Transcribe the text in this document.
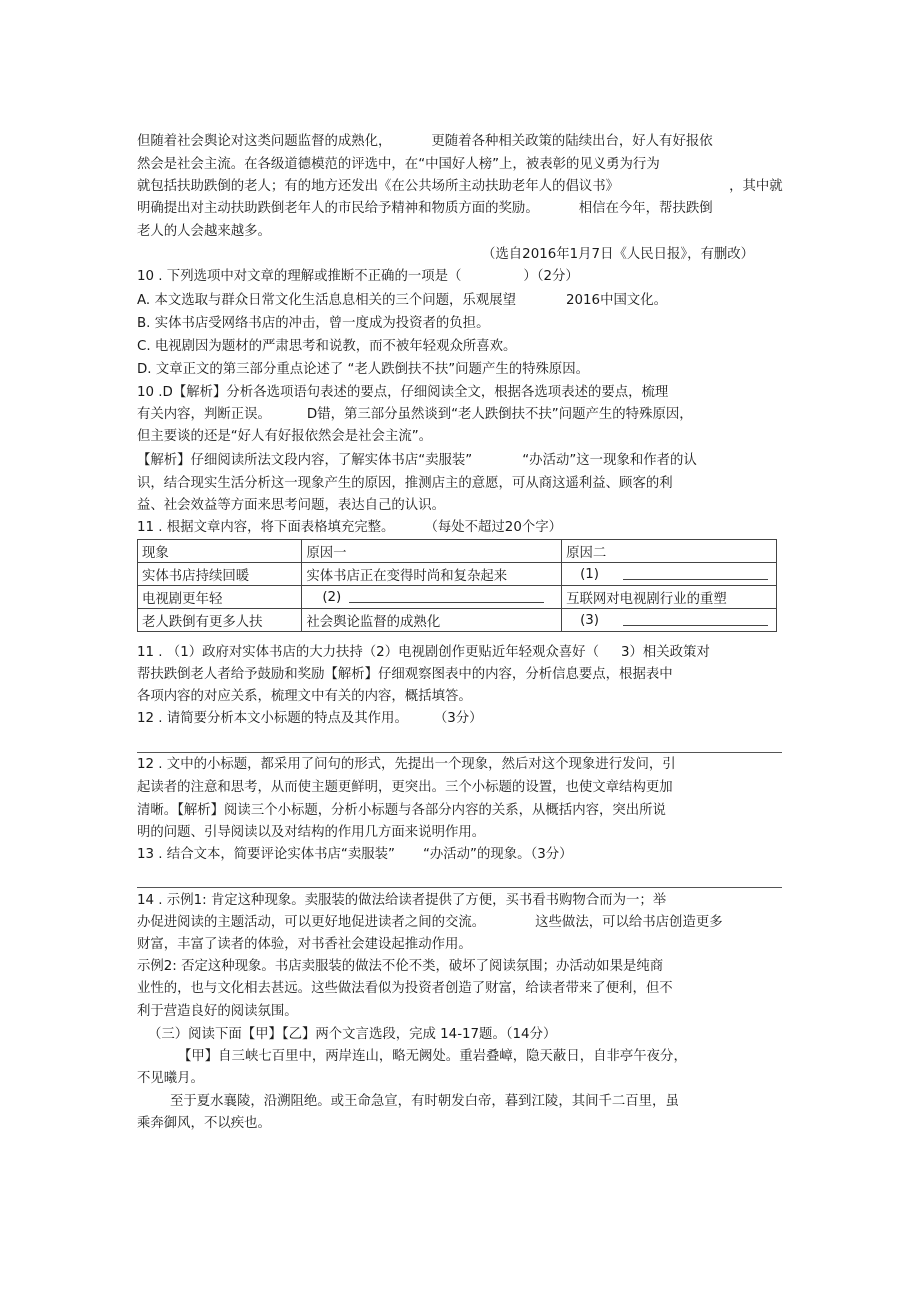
但随着社会舆论对这类问题监督的成熟化，	更随着各种相关政策的陆续出台，好人有好报依
然会是社会主流。在各级道德模范的评选中，在“中国好人榜”上，被表彰的见义勇为行为
就包括扶助跌倒的老人；有的地方还发出《在公共场所主动扶助老年人的倡议书》	，其中就
明确提出对主动扶助跌倒老年人的市民给予精神和物质方面的奖励。	相信在今年，帮扶跌倒
老人的人会越来越多。
（选自2016年1月7日《人民日报》，有删改）
10 . 下列选项中对文章的理解或推断不正确的一项是（	）（2分）
A. 本文选取与群众日常文化生活息息相关的三个问题，乐观展望	2016中国文化。
B. 实体书店受网络书店的冲击，曾一度成为投资者的负担。
C. 电视剧因为题材的严肃思考和说教，而不被年轻观众所喜欢。
D. 文章正文的第三部分重点论述了 “老人跌倒扶不扶”问题产生的特殊原因。
10 .D【解析】分析各选项语句表述的要点，仔细阅读全文，根据各选项表述的要点，梳理
有关内容，判断正误。	D错，第三部分虽然谈到“老人跌倒扶不扶”问题产生的特殊原因，
但主要谈的还是“好人有好报依然会是社会主流”。
【解析】仔细阅读所法文段内容，了解实体书店“卖服装”	“办活动”这一现象和作者的认
识，结合现实生活分析这一现象产生的原因，推测店主的意愿，可从商这遥利益、顾客的利
益、社会效益等方面来思考问题，表达自己的认识。
11 . 根据文章内容，将下面表格填充完整。 （每处不超过20个字）
现象	原因一	原因二
实体书店持续回暖	实体书店正在变得时尚和复杂起来	(1)
电视剧更年轻	(2)	互联网对电视剧行业的重塑
老人跌倒有更多人扶	社会舆论监督的成熟化	(3)
11 . （1）政府对实体书店的大力扶持（2）电视剧创作更贴近年轻观众喜好（ 3）相关政策对
帮扶跌倒老人者给予鼓励和奖励【解析】仔细观察图表中的内容，分析信息要点，根据表中
各项内容的对应关系，梳理文中有关的内容，概括填答。
12 . 请简要分析本文小标题的特点及其作用。 （3分）
12 . 文中的小标题，都采用了问句的形式，先提出一个现象，然后对这个现象进行发问，引
起读者的注意和思考，从而使主题更鲜明，更突出。三个小标题的设置，也使文章结构更加
清晰。【解析】阅读三个小标题，分析小标题与各部分内容的关系，从概括内容，突出所说
明的问题、引导阅读以及对结构的作用几方面来说明作用。
13 . 结合文本，简要评论实体书店“卖服装” “办活动”的现象。（3分）
14 . 示例1: 肯定这种现象。卖服装的做法给读者提供了方便，买书看书购物合而为一；举
办促进阅读的主题活动，可以更好地促进读者之间的交流。	这些做法，可以给书店创造更多
财富，丰富了读者的体验，对书香社会建设起推动作用。
示例2: 否定这种现象。书店卖服装的做法不伦不类，破坏了阅读氛围；办活动如果是纯商
业性的，也与文化相去甚远。这些做法看似为投资者创造了财富，给读者带来了便利，但不
利于营造良好的阅读氛围。
（三）阅读下面【甲】【乙】两个文言选段，完成 14-17题。（14分）
【甲】自三峡七百里中，两岸连山，略无阙处。重岩叠嶂，隐天蔽日，自非亭午夜分，
不见曦月。
至于夏水襄陵，沿溯阻绝。或王命急宣，有时朝发白帝，暮到江陵，其间千二百里，虽
乘奔御风，不以疾也。
